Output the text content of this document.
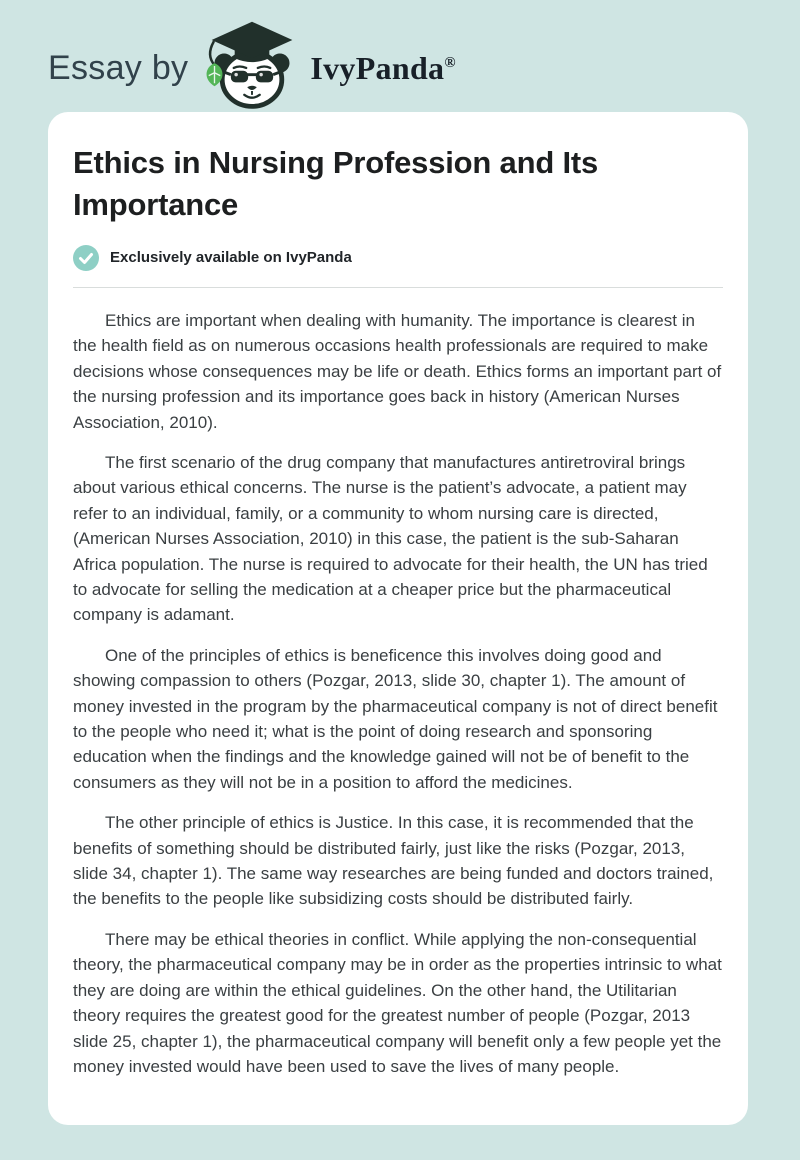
Essay by	IvyPanda®
Ethics in Nursing Profession and Its Importance
Exclusively available on IvyPanda

Ethics are important when dealing with humanity. The importance is clearest in the health field as on numerous occasions health professionals are required to make decisions whose consequences may be life or death. Ethics forms an important part of the nursing profession and its importance goes back in history (American Nurses Association, 2010).

The first scenario of the drug company that manufactures antiretroviral brings about various ethical concerns. The nurse is the patient’s advocate, a patient may refer to an individual, family, or a community to whom nursing care is directed, (American Nurses Association, 2010) in this case, the patient is the sub-Saharan Africa population. The nurse is required to advocate for their health, the UN has tried to advocate for selling the medication at a cheaper price but the pharmaceutical company is adamant.

One of the principles of ethics is beneficence this involves doing good and showing compassion to others (Pozgar, 2013, slide 30, chapter 1). The amount of money invested in the program by the pharmaceutical company is not of direct benefit to the people who need it; what is the point of doing research and sponsoring education when the findings and the knowledge gained will not be of benefit to the consumers as they will not be in a position to afford the medicines.

The other principle of ethics is Justice. In this case, it is recommended that the benefits of something should be distributed fairly, just like the risks (Pozgar, 2013, slide 34, chapter 1). The same way researches are being funded and doctors trained, the benefits to the people like subsidizing costs should be distributed fairly.

There may be ethical theories in conflict. While applying the non-consequential theory, the pharmaceutical company may be in order as the properties intrinsic to what they are doing are within the ethical guidelines. On the other hand, the Utilitarian theory requires the greatest good for the greatest number of people (Pozgar, 2013 slide 25, chapter 1), the pharmaceutical company will benefit only a few people yet the money invested would have been used to save the lives of many people.
